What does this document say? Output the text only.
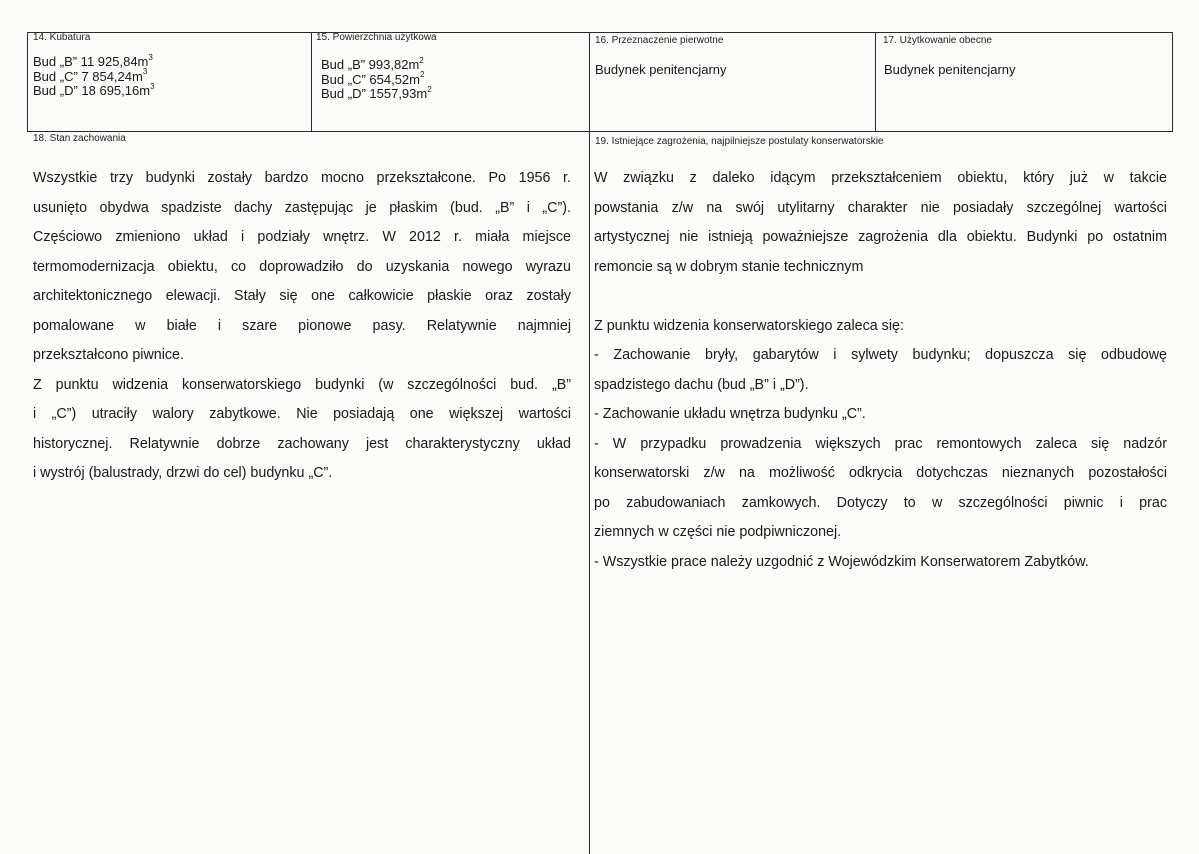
14. Kubatura
Bud „B” 11 $925,84m^3$
Bud „C” 7 $854,24m^3$
Bud „D” 18 $695,16m^3$
15. Powierzchnia użytkowa
Bud „B” $993,82m^2$
Bud „C” $654,52m^2$
Bud „D” $1557,93m^2$
16. Przeznaczenie pierwotne
Budynek penitencjarny
17. Użytkowanie obecne
Budynek penitencjarny
18. Stan zachowania
Wszystkie trzy budynki zostały bardzo mocno przekształcone. Po 1956 r.
usunięto obydwa spadziste dachy zastępując je płaskim (bud. „B” i „C”).
Częściowo zmieniono układ i podziały wnętrz. W 2012 r. miała miejsce
termomodernizacja obiektu, co doprowadziło do uzyskania nowego wyrazu
architektonicznego elewacji. Stały się one całkowicie płaskie oraz zostały
pomalowane w białe i szare pionowe pasy. Relatywnie najmniej
przekształcono piwnice.
Z punktu widzenia konserwatorskiego budynki (w szczególności bud. „B”
i „C”) utraciły walory zabytkowe. Nie posiadają one większej wartości
historycznej. Relatywnie dobrze zachowany jest charakterystyczny układ
i wystrój (balustrady, drzwi do cel) budynku „C”.
19. Istniejące zagrożenia, najpilniejsze postulaty konserwatorskie
W związku z daleko idącym przekształceniem obiektu, który już w takcie
powstania z/w na swój utylitarny charakter nie posiadały szczególnej wartości
artystycznej nie istnieją poważniejsze zagrożenia dla obiektu. Budynki po ostatnim
remoncie są w dobrym stanie technicznym
Z punktu widzenia konserwatorskiego zaleca się:
- Zachowanie bryły, gabarytów i sylwety budynku; dopuszcza się odbudowę
spadzistego dachu (bud „B” i „D”).
- Zachowanie układu wnętrza budynku „C”.
- W przypadku prowadzenia większych prac remontowych zaleca się nadzór
konserwatorski z/w na możliwość odkrycia dotychczas nieznanych pozostałości
po zabudowaniach zamkowych. Dotyczy to w szczególności piwnic i prac
ziemnych w części nie podpiwniczonej.
- Wszystkie prace należy uzgodnić z Wojewódzkim Konserwatorem Zabytków.
